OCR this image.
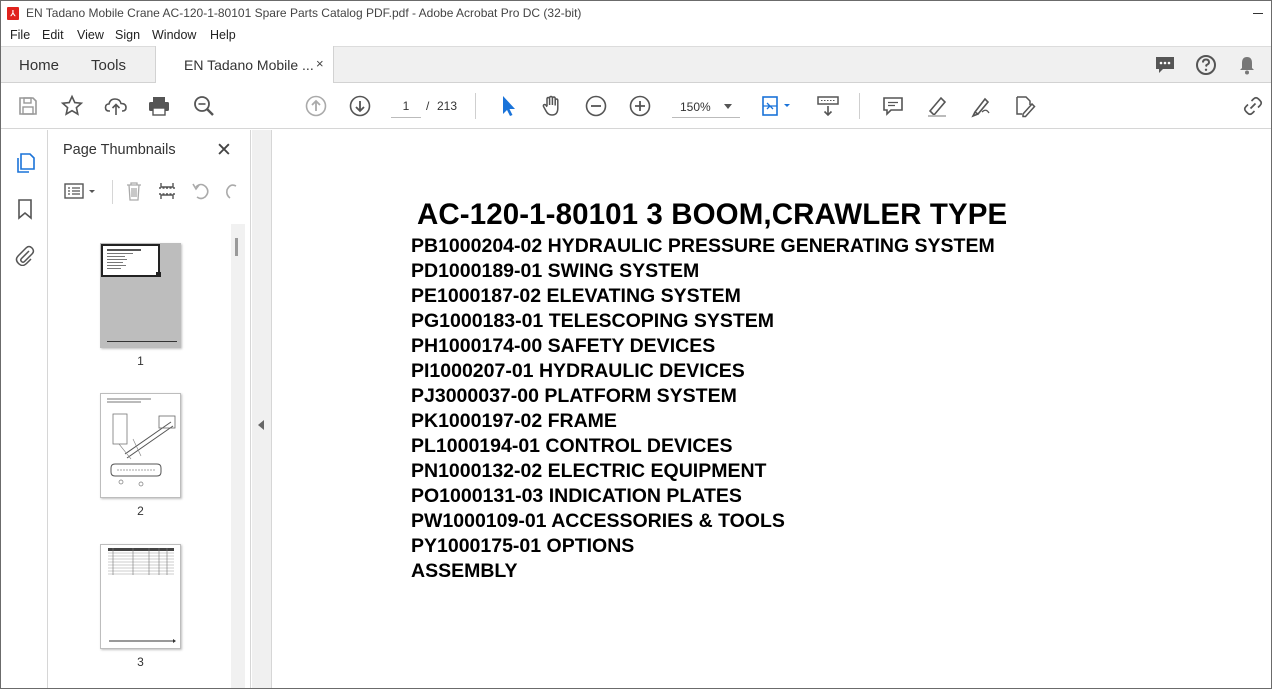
⅄ EN Tadano Mobile Crane AC-120-1-80101 Spare Parts Catalog PDF.pdf - Adobe Acrobat Pro DC (32-bit)
File Edit View Sign Window Help
Home Tools	EN Tadano Mobile ... ×
1	/ 213	150%
Page Thumbnails ✕
1
2
3
AC-120-1-80101 3 BOOM,CRAWLER TYPE
PB1000204-02 HYDRAULIC PRESSURE GENERATING SYSTEM
PD1000189-01 SWING SYSTEM
PE1000187-02 ELEVATING SYSTEM
PG1000183-01 TELESCOPING SYSTEM
PH1000174-00 SAFETY DEVICES
PI1000207-01 HYDRAULIC DEVICES
PJ3000037-00 PLATFORM SYSTEM
PK1000197-02 FRAME
PL1000194-01 CONTROL DEVICES
PN1000132-02 ELECTRIC EQUIPMENT
PO1000131-03 INDICATION PLATES
PW1000109-01 ACCESSORIES & TOOLS
PY1000175-01 OPTIONS
ASSEMBLY
